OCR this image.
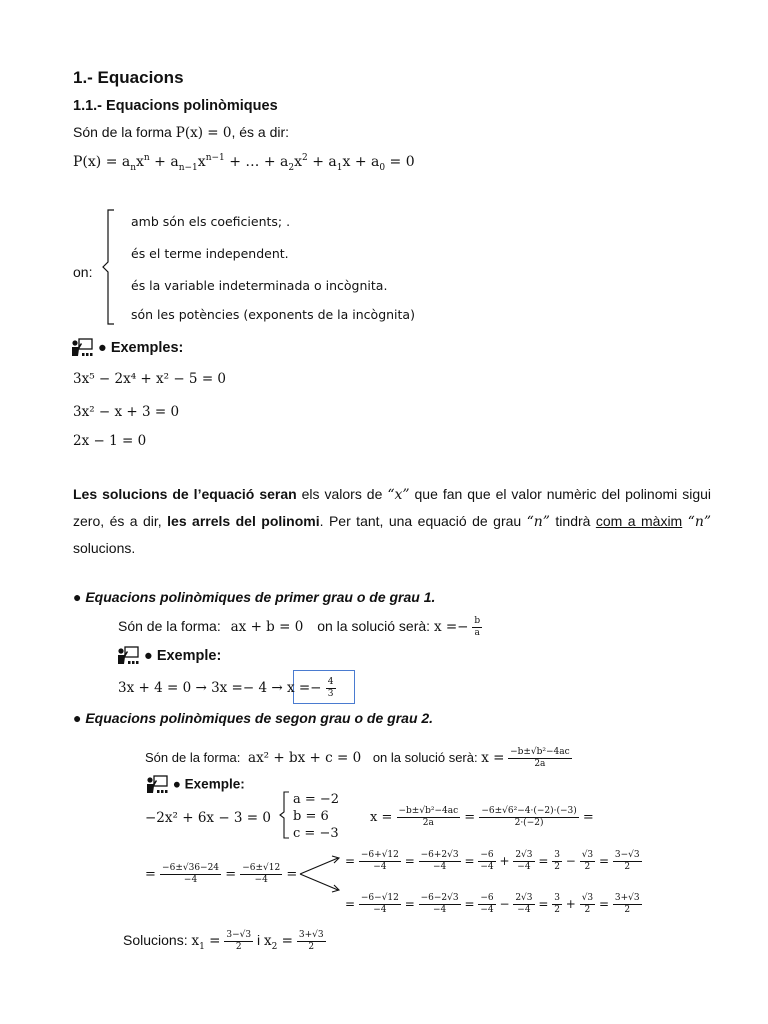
1.- Equacions
1.1.- Equacions polinòmiques
Són de la forma P(x) = 0, és a dir:
$P(x) = a_nx^n + a_{n-1}x^{n-1}$ + … + $a_2x^2 + a_1x + a_0 = 0$
on:
amb són els coeficients; .
és el terme independent.
és la variable indeterminada o incògnita.
són les potències (exponents de la incògnita)
● Exemples:
3x⁵ − 2x⁴ + x² − 5 = 0
3x² − x + 3 = 0
2x − 1 = 0
Les solucions de l’equació seran els valors de “x” que fan que el valor numèric del polinomi sigui zero, és a dir, les arrels del polinomi. Per tant, una equació de grau “n” tindrà com a màxim “n” solucions.
● Equacions polinòmiques de primer grau o de grau 1.
Són de la forma: ax + b = 0 on la solució serà: $x =- \frac{b}{a}$
● Exemple:
$3x + 4 = 0 \to 3x =- 4 \to x =- \frac{4}{3}$
● Equacions polinòmiques de segon grau o de grau 2.
Són de la forma: ax² + bx + c = 0 on la solució serà: $x = \frac{\text{−b±√b²−4ac}}{2a}$
● Exemple:
−2x² + 6x − 3 = 0
a = −2
b = 6
c = −3
$x = \frac{\text{−b±√b²−4ac}}{2a} = \frac{\text{−6±√6²−4·(−2)·(−3)}}{2\cdot(-2)}$ =
= $\frac{-6\pm√36-24}{-4} = \frac{-6\pm√12}{-4}$ =
= $\frac{-6+√12}{-4} = \frac{-6+2√3}{-4} = \frac{-6}{-4} + \frac{2√3}{-4} = \frac{3}{2} - \frac{√3}{2} = \frac{3-√3}{2}$
= $\frac{-6-√12}{-4} = \frac{-6-2√3}{-4} = \frac{-6}{-4} - \frac{2√3}{-4} = \frac{3}{2} + \frac{√3}{2} = \frac{3+√3}{2}$
Solucions: $x_1 = \frac{3-√3}{2}$ i $x_2 = \frac{3+√3}{2}$
